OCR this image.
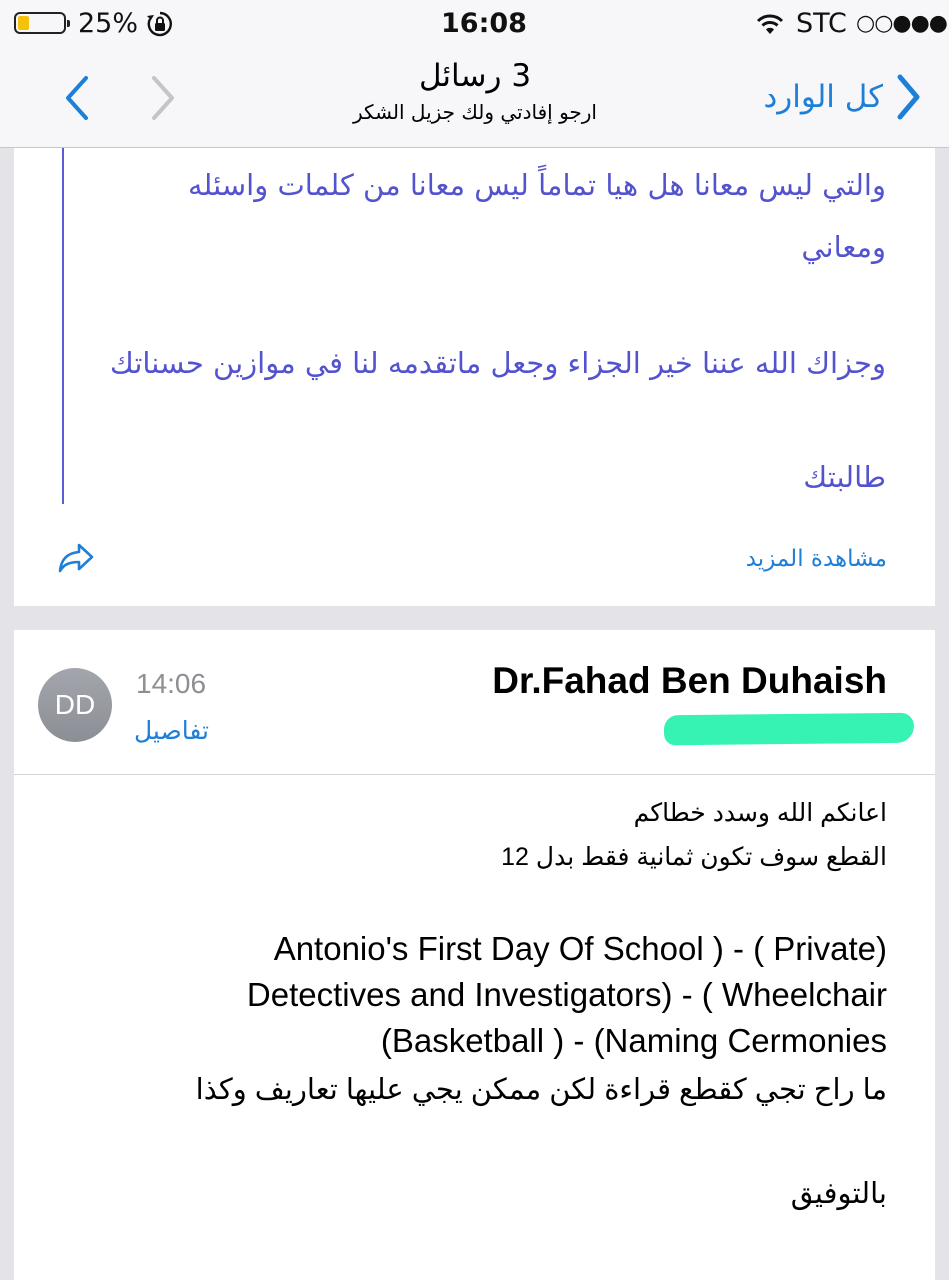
25%	16:08	STC ○○●●●
3 رسائل
ارجو إفادتي ولك جزيل الشكر	كل الوارد
والتي ليس معانا هل هيا تماماً ليس معانا من كلمات واسئله
ومعاني
وجزاك الله عننا خير الجزاء وجعل ماتقدمه لنا في موازين حسناتك
طالبتك
مشاهدة المزيد
DD
14:06
تفاصيل
Dr.Fahad Ben Duhaish
اعانكم الله وسدد خطاكم
القطع سوف تكون ثمانية فقط بدل 12
Antonio's First Day Of School ) - ( Private)
Detectives and Investigators) - ( Wheelchair
(Basketball ) - (Naming Cermonies
ما راح تجي كقطع قراءة لكن ممكن يجي عليها تعاريف وكذا
بالتوفيق
